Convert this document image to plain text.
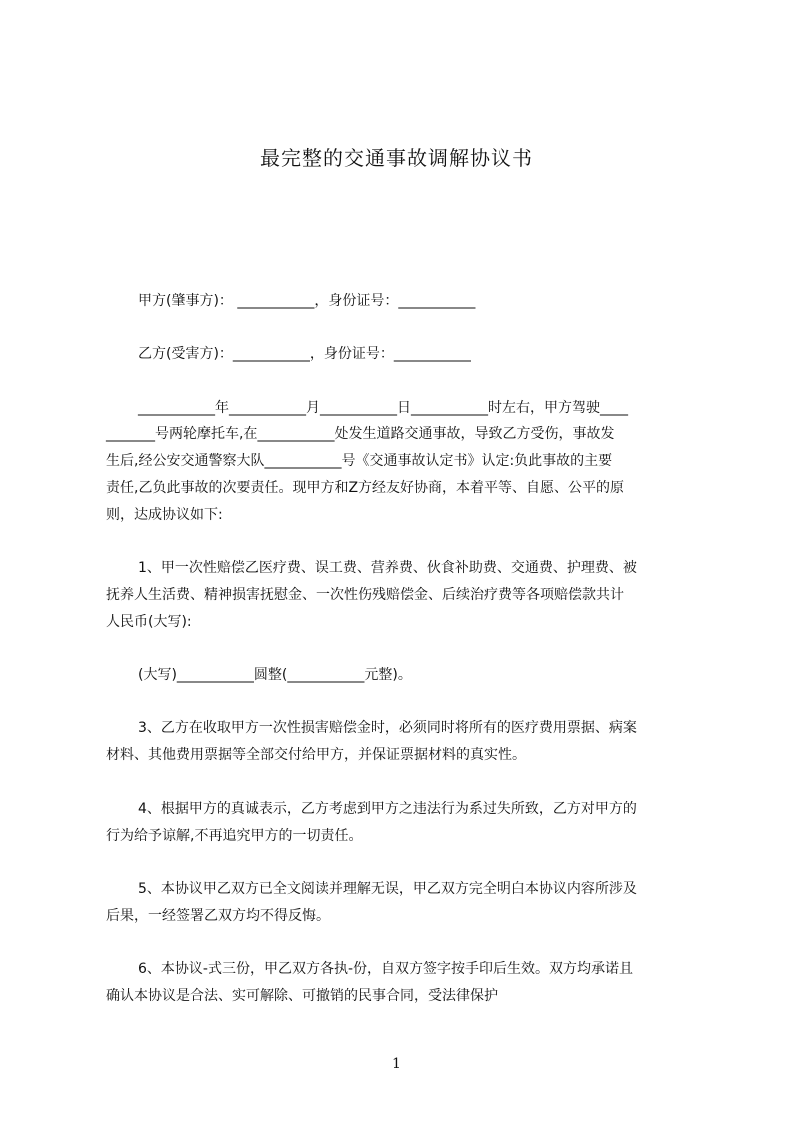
最完整的交通事故调解协议书
甲方(肇事方)： ___________，身份证号：___________
乙方(受害方)：___________，身份证号：___________
___________年___________月___________日___________时左右，甲方驾驶____
_______号两轮摩托车,在___________处发生道路交通事故，导致乙方受伤，事故发
生后,经公安交通警察大队___________号《交通事故认定书》认定:负此事故的主要
责任,乙负此事故的次要责任。现甲方和Z方经友好协商，本着平等、自愿、公平的原
则，达成协议如下:
1、甲一次性赔偿乙医疗费、误工费、营养费、伙食补助费、交通费、护理费、被
抚养人生活费、精神损害抚慰金、一次性伤残赔偿金、后续治疗费等各项赔偿款共计
人民币(大写):
(大写)___________圆整(___________元整)。
3、乙方在收取甲方一次性损害赔偿金时，必须同时将所有的医疗费用票据、病案
材料、其他费用票据等全部交付给甲方，并保证票据材料的真实性。
4、根据甲方的真诚表示，乙方考虑到甲方之违法行为系过失所致，乙方对甲方的
行为给予谅解,不再追究甲方的一切责任。
5、本协议甲乙双方已全文阅读并理解无误，甲乙双方完全明白本协议内容所涉及
后果，一经签署乙双方均不得反悔。
6、本协议-式三份，甲乙双方各执-份，自双方签字按手印后生效。双方均承诺且
确认本协议是合法、实可解除、可撤销的民事合同，受法律保护
1
